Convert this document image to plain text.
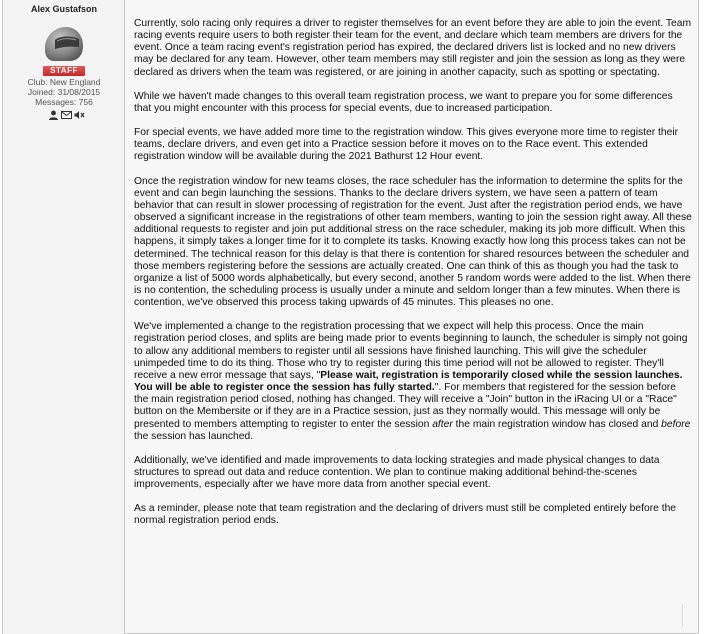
Alex Gustafson
STAFF
Club: New England
Joined: 31/08/2015
Messages: 756

Currently, solo racing only requires a driver to register themselves for an event before they are able to join the event. Team racing events require users to both register their team for the event, and declare which team members are drivers for the event. Once a team racing event's registration period has expired, the declared drivers list is locked and no new drivers may be declared for any team. However, other team members may still register and join the session as long as they were declared as drivers when the team was registered, or are joining in another capacity, such as spotting or spectating.

While we haven't made changes to this overall team registration process, we want to prepare you for some differences that you might encounter with this process for special events, due to increased participation.

For special events, we have added more time to the registration window. This gives everyone more time to register their teams, declare drivers, and even get into a Practice session before it moves on to the Race event. This extended registration window will be available during the 2021 Bathurst 12 Hour event.

Once the registration window for new teams closes, the race scheduler has the information to determine the splits for the event and can begin launching the sessions. Thanks to the declare drivers system, we have seen a pattern of team behavior that can result in slower processing of registration for the event. Just after the registration period ends, we have observed a significant increase in the registrations of other team members, wanting to join the session right away. All these additional requests to register and join put additional stress on the race scheduler, making its job more difficult. When this happens, it simply takes a longer time for it to complete its tasks. Knowing exactly how long this process takes can not be determined. The technical reason for this delay is that there is contention for shared resources between the scheduler and those members registering before the sessions are actually created. One can think of this as though you had the task to organize a list of 5000 words alphabetically, but every second, another 5 random words were added to the list. When there is no contention, the scheduling process is usually under a minute and seldom longer than a few minutes. When there is contention, we've observed this process taking upwards of 45 minutes. This pleases no one.

We've implemented a change to the registration processing that we expect will help this process. Once the main registration period closes, and splits are being made prior to events beginning to launch, the scheduler is simply not going to allow any additional members to register until all sessions have finished launching. This will give the scheduler unimpeded time to do its thing. Those who try to register during this time period will not be allowed to register. They'll receive a new error message that says, "Please wait, registration is temporarily closed while the session launches. You will be able to register once the session has fully started.". For members that registered for the session before the main registration period closed, nothing has changed. They will receive a "Join" button in the iRacing UI or a "Race" button on the Membersite or if they are in a Practice session, just as they normally would. This message will only be presented to members attempting to register to enter the session after the main registration window has closed and before the session has launched.

Additionally, we've identified and made improvements to data locking strategies and made physical changes to data structures to spread out data and reduce contention. We plan to continue making additional behind-the-scenes improvements, especially after we have more data from another special event.

As a reminder, please note that team registration and the declaring of drivers must still be completed entirely before the normal registration period ends.
